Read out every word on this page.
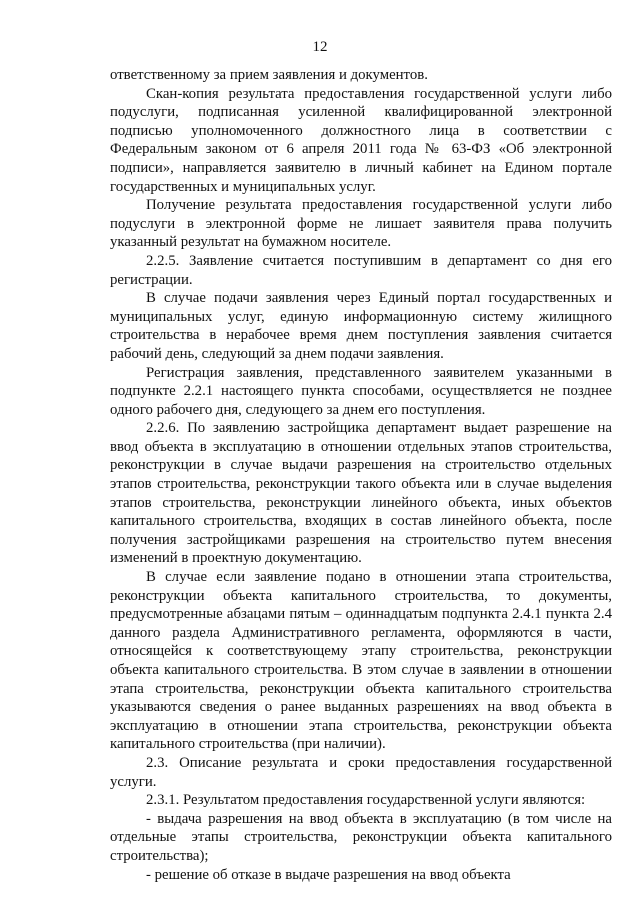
12

ответственному за прием заявления и документов.

Скан-копия результата предоставления государственной услуги либо подуслуги, подписанная усиленной квалифицированной электронной подписью уполномоченного должностного лица в соответствии с Федеральным законом от 6 апреля 2011 года № 63-ФЗ «Об электронной подписи», направляется заявителю в личный кабинет на Едином портале государственных и муниципальных услуг.

Получение результата предоставления государственной услуги либо подуслуги в электронной форме не лишает заявителя права получить указанный результат на бумажном носителе.

2.2.5. Заявление считается поступившим в департамент со дня его регистрации.

В случае подачи заявления через Единый портал государственных и муниципальных услуг, единую информационную систему жилищного строительства в нерабочее время днем поступления заявления считается рабочий день, следующий за днем подачи заявления.

Регистрация заявления, представленного заявителем указанными в подпункте 2.2.1 настоящего пункта способами, осуществляется не позднее одного рабочего дня, следующего за днем его поступления.

2.2.6. По заявлению застройщика департамент выдает разрешение на ввод объекта в эксплуатацию в отношении отдельных этапов строительства, реконструкции в случае выдачи разрешения на строительство отдельных этапов строительства, реконструкции такого объекта или в случае выделения этапов строительства, реконструкции линейного объекта, иных объектов капитального строительства, входящих в состав линейного объекта, после получения застройщиками разрешения на строительство путем внесения изменений в проектную документацию.

В случае если заявление подано в отношении этапа строительства, реконструкции объекта капитального строительства, то документы, предусмотренные абзацами пятым – одиннадцатым подпункта 2.4.1 пункта 2.4 данного раздела Административного регламента, оформляются в части, относящейся к соответствующему этапу строительства, реконструкции объекта капитального строительства. В этом случае в заявлении в отношении этапа строительства, реконструкции объекта капитального строительства указываются сведения о ранее выданных разрешениях на ввод объекта в эксплуатацию в отношении этапа строительства, реконструкции объекта капитального строительства (при наличии).

2.3. Описание результата и сроки предоставления государственной услуги.

2.3.1. Результатом предоставления государственной услуги являются:

- выдача разрешения на ввод объекта в эксплуатацию (в том числе на отдельные этапы строительства, реконструкции объекта капитального строительства);

- решение об отказе в выдаче разрешения на ввод объекта
